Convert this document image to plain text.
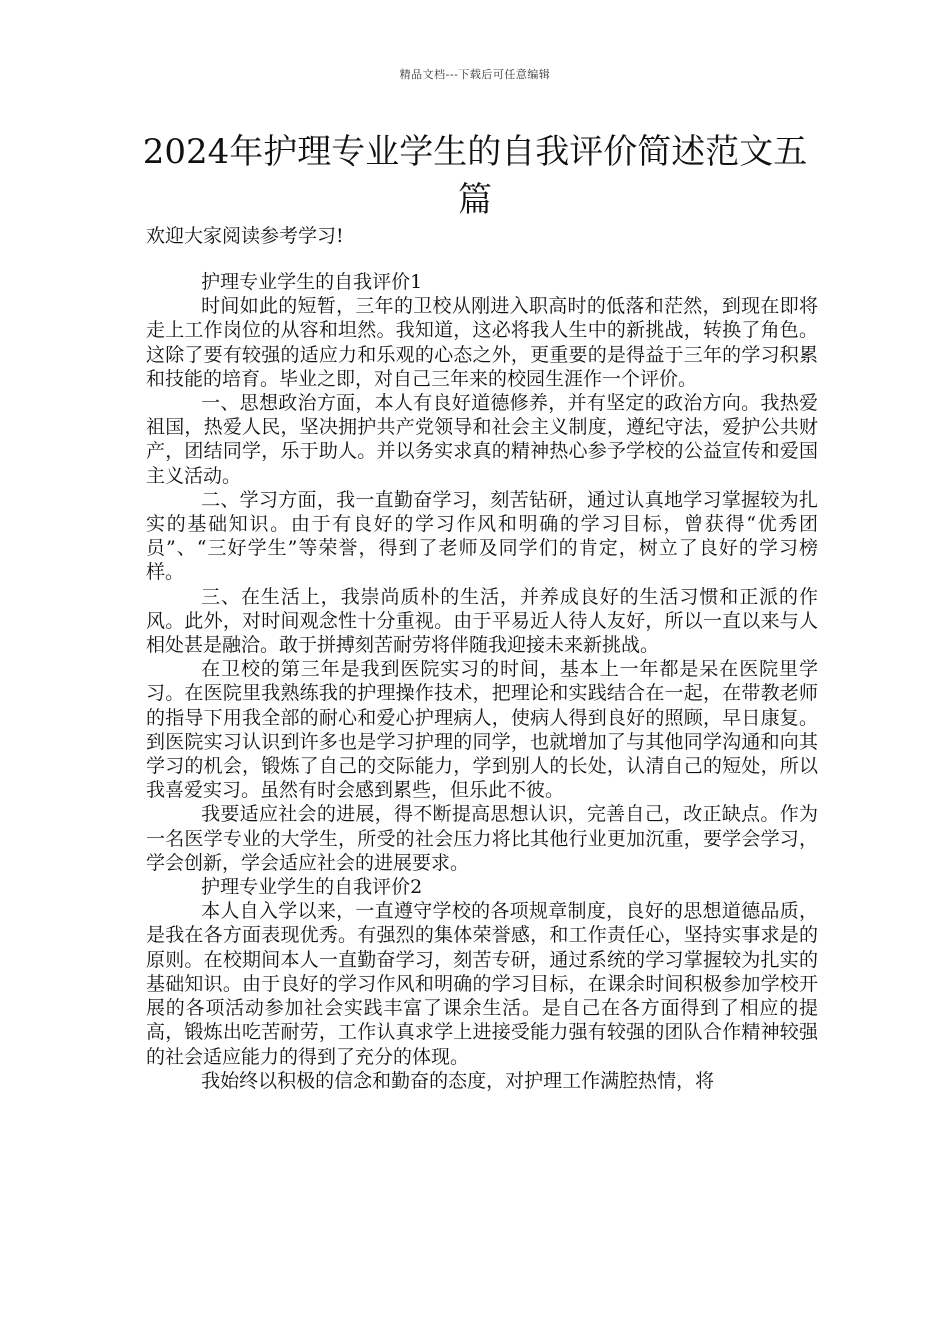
精品文档---下载后可任意编辑
2024年护理专业学生的自我评价简述范文五篇

欢迎大家阅读参考学习!

护理专业学生的自我评价1

时间如此的短暂，三年的卫校从刚进入职高时的低落和茫然，到现在即将走上工作岗位的从容和坦然。我知道，这必将我人生中的新挑战，转换了角色。这除了要有较强的适应力和乐观的心态之外，更重要的是得益于三年的学习积累和技能的培育。毕业之即，对自己三年来的校园生涯作一个评价。

一、思想政治方面，本人有良好道德修养，并有坚定的政治方向。我热爱祖国，热爱人民，坚决拥护共产党领导和社会主义制度，遵纪守法，爱护公共财产，团结同学，乐于助人。并以务实求真的精神热心参予学校的公益宣传和爱国主义活动。

二、学习方面，我一直勤奋学习，刻苦钻研，通过认真地学习掌握较为扎实的基础知识。由于有良好的学习作风和明确的学习目标，曾获得“优秀团员”、“三好学生”等荣誉，得到了老师及同学们的肯定，树立了良好的学习榜样。

三、在生活上，我崇尚质朴的生活，并养成良好的生活习惯和正派的作风。此外，对时间观念性十分重视。由于平易近人待人友好，所以一直以来与人相处甚是融洽。敢于拼搏刻苦耐劳将伴随我迎接未来新挑战。

在卫校的第三年是我到医院实习的时间，基本上一年都是呆在医院里学习。在医院里我熟练我的护理操作技术，把理论和实践结合在一起，在带教老师的指导下用我全部的耐心和爱心护理病人，使病人得到良好的照顾，早日康复。到医院实习认识到许多也是学习护理的同学，也就增加了与其他同学沟通和向其学习的机会，锻炼了自己的交际能力，学到别人的长处，认清自己的短处，所以我喜爱实习。虽然有时会感到累些，但乐此不彼。

我要适应社会的进展，得不断提高思想认识，完善自己，改正缺点。作为一名医学专业的大学生，所受的社会压力将比其他行业更加沉重，要学会学习，学会创新，学会适应社会的进展要求。

护理专业学生的自我评价2

本人自入学以来，一直遵守学校的各项规章制度，良好的思想道德品质，是我在各方面表现优秀。有强烈的集体荣誉感，和工作责任心，坚持实事求是的原则。在校期间本人一直勤奋学习，刻苦专研，通过系统的学习掌握较为扎实的基础知识。由于良好的学习作风和明确的学习目标，在课余时间积极参加学校开展的各项活动参加社会实践丰富了课余生活。是自己在各方面得到了相应的提高，锻炼出吃苦耐劳，工作认真求学上进接受能力强有较强的团队合作精神较强的社会适应能力的得到了充分的体现。

我始终以积极的信念和勤奋的态度，对护理工作满腔热情，将
